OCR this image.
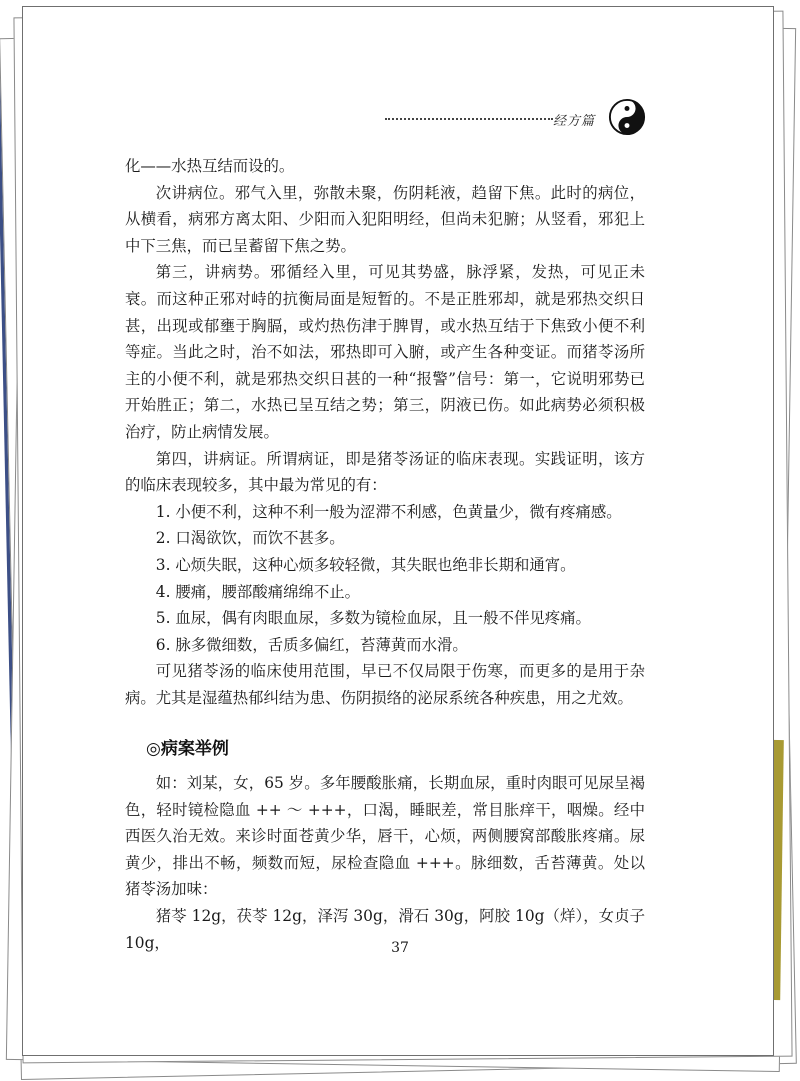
经方篇

化——水热互结而设的。

次讲病位。邪气入里，弥散未聚，伤阴耗液，趋留下焦。此时的病位，从横看，病邪方离太阳、少阳而入犯阳明经，但尚未犯腑；从竖看，邪犯上中下三焦，而已呈蓄留下焦之势。

第三，讲病势。邪循经入里，可见其势盛，脉浮紧，发热，可见正未衰。而这种正邪对峙的抗衡局面是短暂的。不是正胜邪却，就是邪热交织日甚，出现或郁壅于胸膈，或灼热伤津于脾胃，或水热互结于下焦致小便不利等症。当此之时，治不如法，邪热即可入腑，或产生各种变证。而猪苓汤所主的小便不利，就是邪热交织日甚的一种“报警”信号：第一，它说明邪势已开始胜正；第二，水热已呈互结之势；第三，阴液已伤。如此病势必须积极治疗，防止病情发展。

第四，讲病证。所谓病证，即是猪苓汤证的临床表现。实践证明，该方的临床表现较多，其中最为常见的有：

1. 小便不利，这种不利一般为涩滞不利感，色黄量少，微有疼痛感。

2. 口渴欲饮，而饮不甚多。

3. 心烦失眠，这种心烦多较轻微，其失眠也绝非长期和通宵。

4. 腰痛，腰部酸痛绵绵不止。

5. 血尿，偶有肉眼血尿，多数为镜检血尿，且一般不伴见疼痛。

6. 脉多微细数，舌质多偏红，苔薄黄而水滑。

可见猪苓汤的临床使用范围，早已不仅局限于伤寒，而更多的是用于杂病。尤其是湿蕴热郁纠结为患、伤阴损络的泌尿系统各种疾患，用之尤效。

◎病案举例

如：刘某，女，65 岁。多年腰酸胀痛，长期血尿，重时肉眼可见尿呈褐色，轻时镜检隐血 ++ ～ +++，口渴，睡眠差，常目胀痒干，咽燥。经中西医久治无效。来诊时面苍黄少华，唇干，心烦，两侧腰窝部酸胀疼痛。尿黄少，排出不畅，频数而短，尿检查隐血 +++。脉细数，舌苔薄黄。处以猪苓汤加味：

猪苓 12g，茯苓 12g，泽泻 30g，滑石 30g，阿胶 10g（烊），女贞子 10g，	37
